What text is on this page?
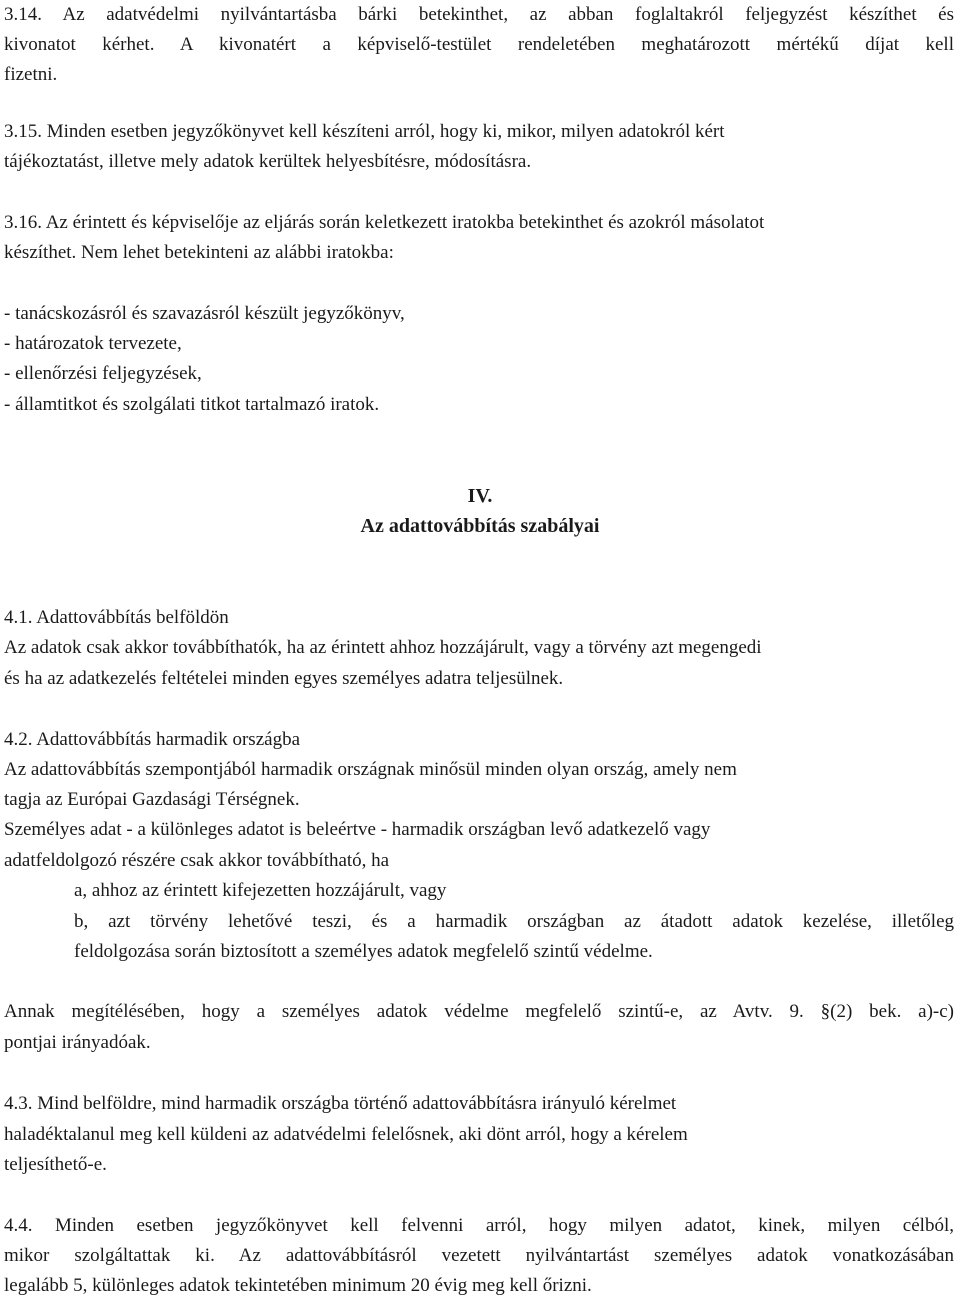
3.14. Az adatvédelmi nyilvántartásba bárki betekinthet, az abban foglaltakról feljegyzést készíthet és
kivonatot kérhet. A kivonatért a képviselő-testület rendeletében meghatározott mértékű díjat kell
fizetni.
3.15. Minden esetben jegyzőkönyvet kell készíteni arról, hogy ki, mikor, milyen adatokról kért
tájékoztatást, illetve mely adatok kerültek helyesbítésre, módosításra.
3.16. Az érintett és képviselője az eljárás során keletkezett iratokba betekinthet és azokról másolatot
készíthet. Nem lehet betekinteni az alábbi iratokba:
- tanácskozásról és szavazásról készült jegyzőkönyv,
- határozatok tervezete,
- ellenőrzési feljegyzések,
- államtitkot és szolgálati titkot tartalmazó iratok.
IV.
Az adattovábbítás szabályai
4.1. Adattovábbítás belföldön
Az adatok csak akkor továbbíthatók, ha az érintett ahhoz hozzájárult, vagy a törvény azt megengedi
és ha az adatkezelés feltételei minden egyes személyes adatra teljesülnek.
4.2. Adattovábbítás harmadik országba
Az adattovábbítás szempontjából harmadik országnak minősül minden olyan ország, amely nem
tagja az Európai Gazdasági Térségnek.
Személyes adat - a különleges adatot is beleértve - harmadik országban levő adatkezelő vagy
adatfeldolgozó részére csak akkor továbbítható, ha
a, ahhoz az érintett kifejezetten hozzájárult, vagy
b, azt törvény lehetővé teszi, és a harmadik országban az átadott adatok kezelése, illetőleg
feldolgozása során biztosított a személyes adatok megfelelő szintű védelme.
Annak megítélésében, hogy a személyes adatok védelme megfelelő szintű-e, az Avtv. 9. §(2) bek. a)-c)
pontjai irányadóak.
4.3. Mind belföldre, mind harmadik országba történő adattovábbításra irányuló kérelmet
haladéktalanul meg kell küldeni az adatvédelmi felelősnek, aki dönt arról, hogy a kérelem
teljesíthető-e.
4.4. Minden esetben jegyzőkönyvet kell felvenni arról, hogy milyen adatot, kinek, milyen célból,
mikor szolgáltattak ki. Az adattovábbításról vezetett nyilvántartást személyes adatok vonatkozásában
legalább 5, különleges adatok tekintetében minimum 20 évig meg kell őrizni.
